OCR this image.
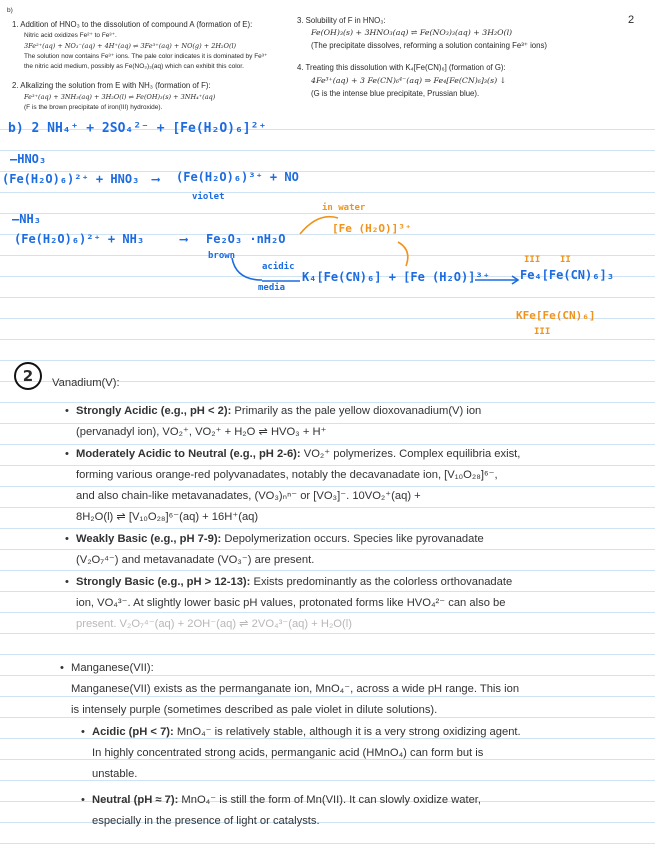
b)
2
1. Addition of HNO₃ to the dissolution of compound A (formation of E):
Nitric acid oxidizes Fe²⁺ to Fe³⁺.
3Fe²⁺(aq) + NO₃⁻(aq) + 4H⁺(aq) ⇌ 3Fe³⁺(aq) + NO(g) + 2H₂O(l)
The solution now contains Fe³⁺ ions. The pale color indicates it is dominated by Fe³⁺
the nitric acid medium, possibly as Fe(NO₃)₃(aq) which can exhibit this color.
2. Alkalizing the solution from E with NH₃ (formation of F):
Fe³⁺(aq) + 3NH₃(aq) + 3H₂O(l) ⇌ Fe(OH)₃(s) + 3NH₄⁺(aq)
(F is the brown precipitate of iron(III) hydroxide).
3. Solubility of F in HNO₃:
Fe(OH)₃(s) + 3HNO₃(aq) ⇌ Fe(NO₃)₃(aq) + 3H₂O(l)
(The precipitate dissolves, reforming a solution containing Fe³⁺ ions)
4. Treating this dissolution with K₄[Fe(CN)₆] (formation of G):
4Fe³⁺(aq) + 3 Fe(CN)₆⁴⁻(aq) ⇒ Fe₄[Fe(CN)₆]₃(s) ↓
(G is the intense blue precipitate, Prussian blue).
b) 2 NH₄⁺ + 2SO₄²⁻ + [Fe(H₂O)₆]²⁺
–HNO₃
(Fe(H₂O)₆)²⁺ + HNO₃ ⟶ (Fe(H₂O)₆)³⁺ + NO
violet
–NH₃
(Fe(H₂O)₆)²⁺ + NH₃	⟶ Fe₂O₃ ·nH₂O
brown
in water
[Fe (H₂O)]³⁺
acidic
media
K₄[Fe(CN)₆] + [Fe (H₂O)]³⁺	Fe₄[Fe(CN)₆]₃
III II
KFe[Fe(CN)₆]
III
2	Vanadium(V):
• Strongly Acidic (e.g., pH < 2): Primarily as the pale yellow dioxovanadium(V) ion
(pervanadyl ion), VO₂⁺, VO₂⁺ + H₂O ⇌ HVO₃ + H⁺
• Moderately Acidic to Neutral (e.g., pH 2-6): VO₂⁺ polymerizes. Complex equilibria exist,
forming various orange-red polyvanadates, notably the decavanadate ion, [V₁₀O₂₈]⁶⁻,
and also chain-like metavanadates, (VO₃)ₙⁿ⁻ or [VO₃]⁻. 10VO₂⁺(aq) +
8H₂O(l) ⇌ [V₁₀O₂₈]⁶⁻(aq) + 16H⁺(aq)
• Weakly Basic (e.g., pH 7-9): Depolymerization occurs. Species like pyrovanadate
(V₂O₇⁴⁻) and metavanadate (VO₃⁻) are present.
• Strongly Basic (e.g., pH > 12-13): Exists predominantly as the colorless orthovanadate
ion, VO₄³⁻. At slightly lower basic pH values, protonated forms like HVO₄²⁻ can also be
present. V₂O₇⁴⁻(aq) + 2OH⁻(aq) ⇌ 2VO₄³⁻(aq) + H₂O(l)
• Manganese(VII):
Manganese(VII) exists as the permanganate ion, MnO₄⁻, across a wide pH range. This ion
is intensely purple (sometimes described as pale violet in dilute solutions).
• Acidic (pH < 7): MnO₄⁻ is relatively stable, although it is a very strong oxidizing agent.
In highly concentrated strong acids, permanganic acid (HMnO₄) can form but is
unstable.
• Neutral (pH ≈ 7): MnO₄⁻ is still the form of Mn(VII). It can slowly oxidize water,
especially in the presence of light or catalysts.
